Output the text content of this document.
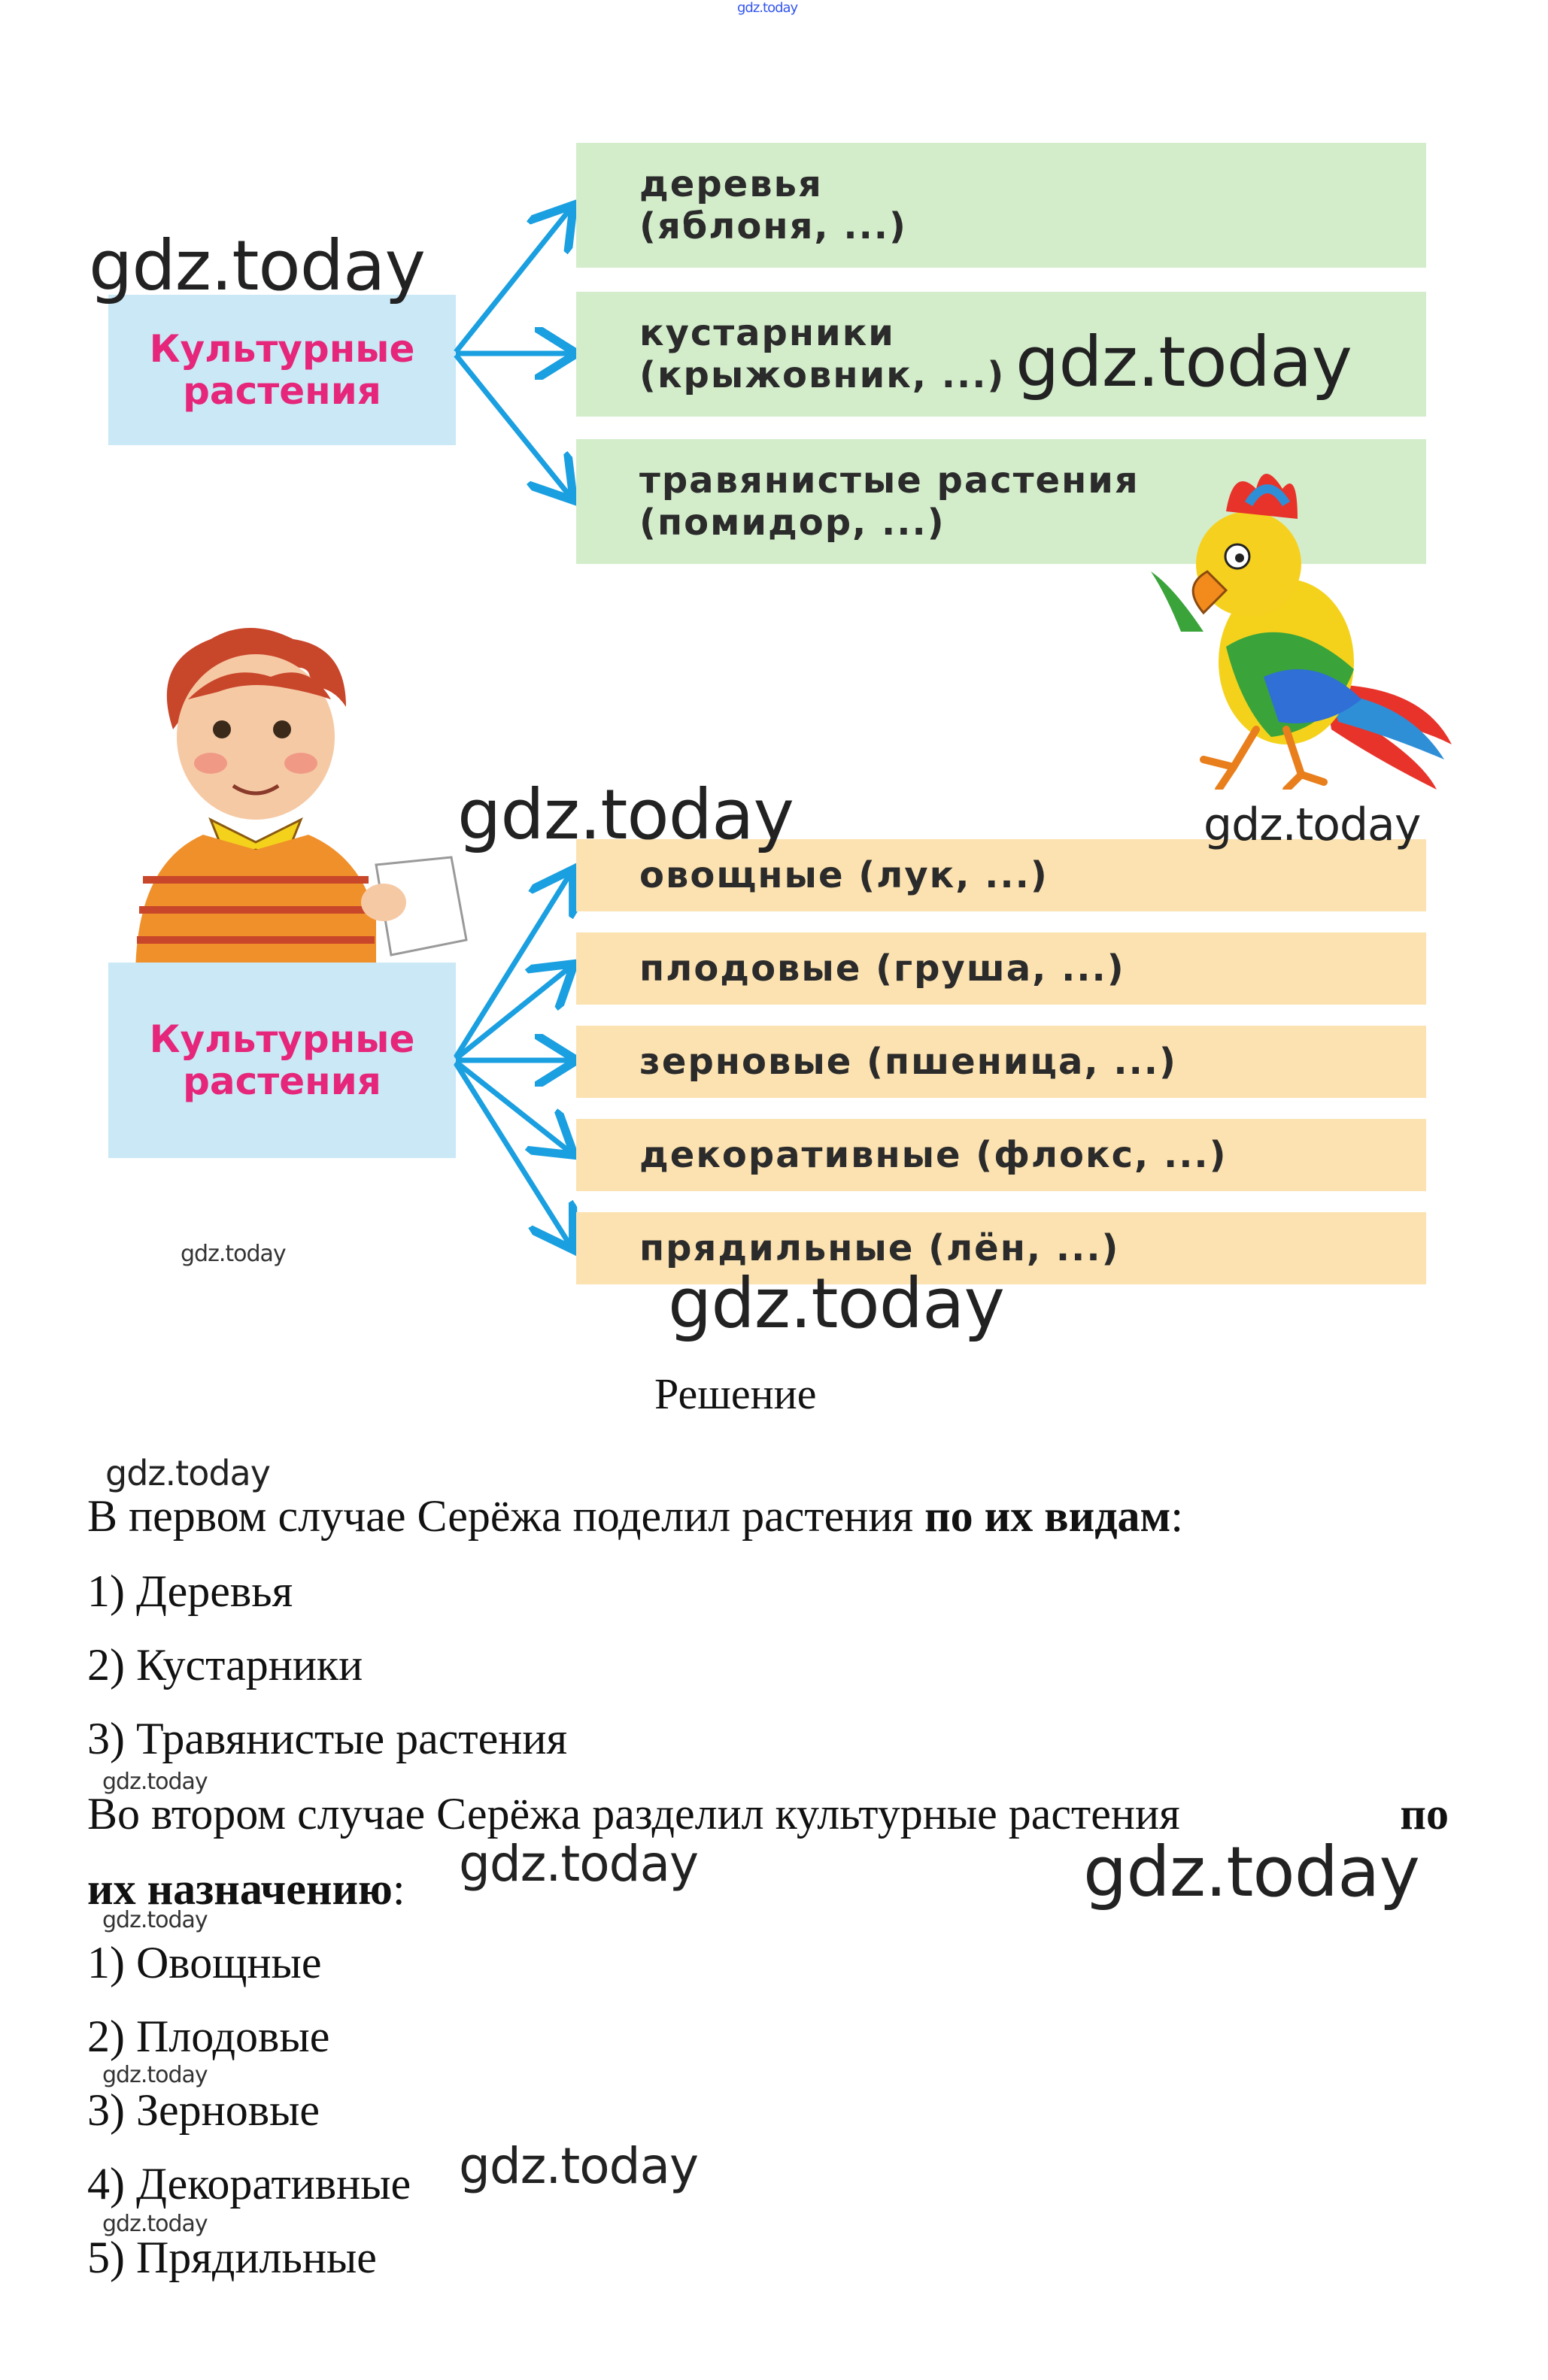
gdz.today
Культурные
растения
деревья
(яблоня, ...)
кустарники
(крыжовник, ...)
травянистые растения
(помидор, ...)
gdz.today
gdz.today
Культурные
растения
овощные (лук, ...)
плодовые (груша, ...)
зерновые (пшеница, ...)
декоративные (флокс, ...)
прядильные (лён, ...)
gdz.today	gdz.today
gdz.today
gdz.today
Решение
gdz.today
В первом случае Серёжа поделил растения по их видам:
1) Деревья
2) Кустарники
3) Травянистые растения
gdz.today
Во втором случае Серёжа разделил культурные растения	по
их назначению: gdz.today	gdz.today
gdz.today
1) Овощные
2) Плодовые
gdz.today
3) Зерновые
4) Декоративные gdz.today
gdz.today
5) Прядильные
